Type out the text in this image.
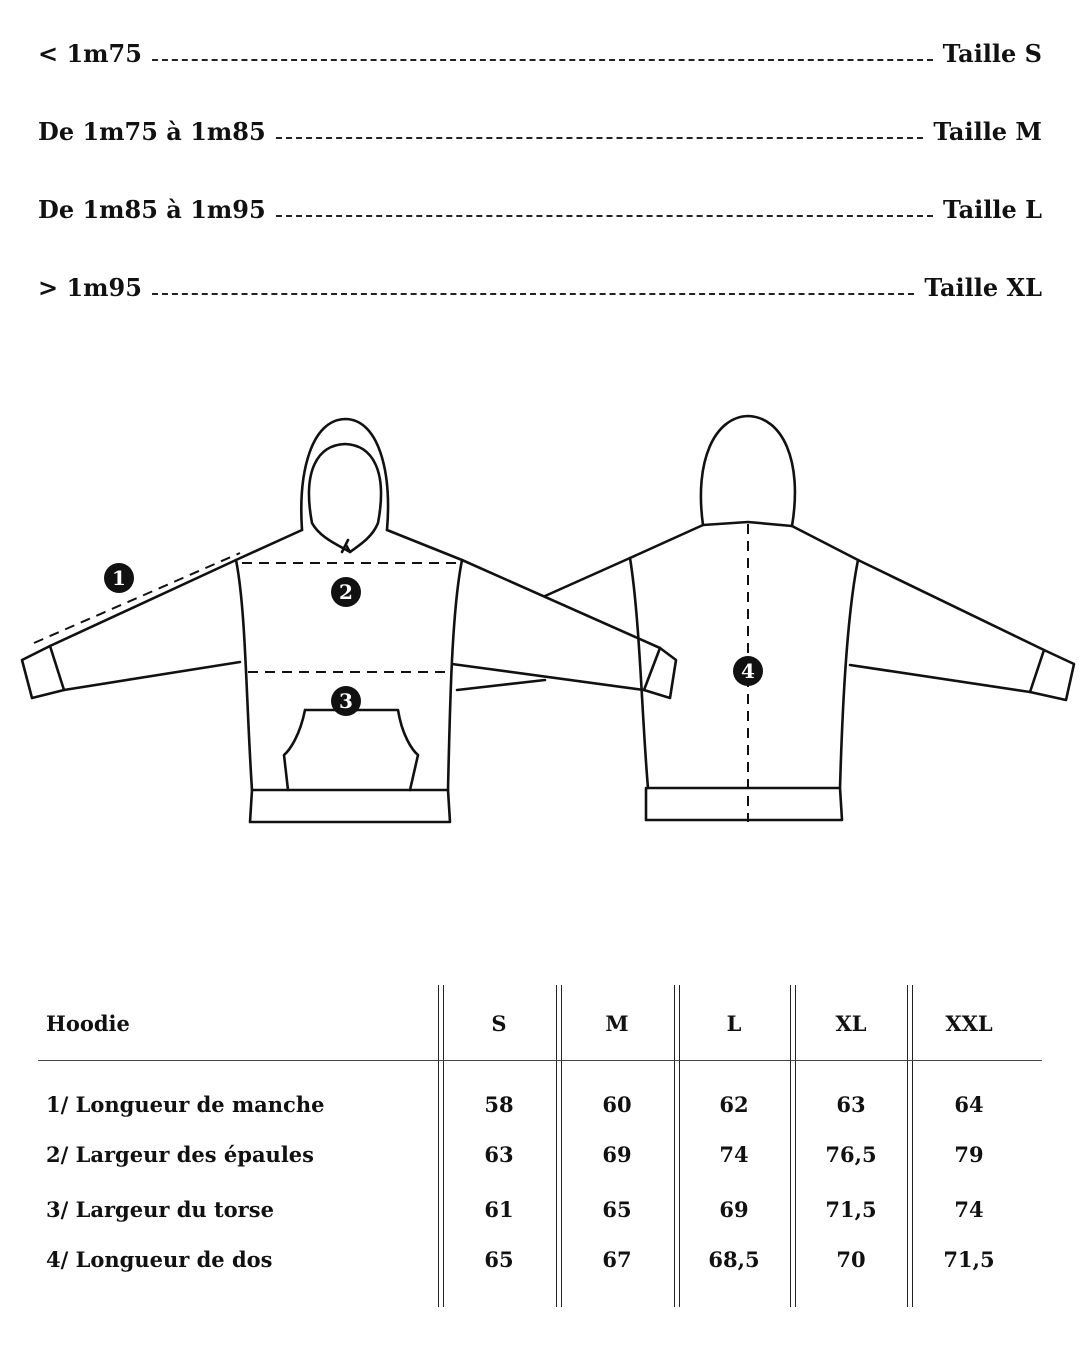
< 1m75	Taille S
De 1m75 à 1m85	Taille M
De 1m85 à 1m95	Taille L
> 1m95	Taille XL
1
2
3
4
Hoodie	S	M	L	XL	XXL
1/ Longueur de manche	58	60	62	63	64
2/ Largeur des épaules	63	69	74	76,5	79
3/ Largeur du torse	61	65	69	71,5	74
4/ Longueur de dos	65	67	68,5	70	71,5
